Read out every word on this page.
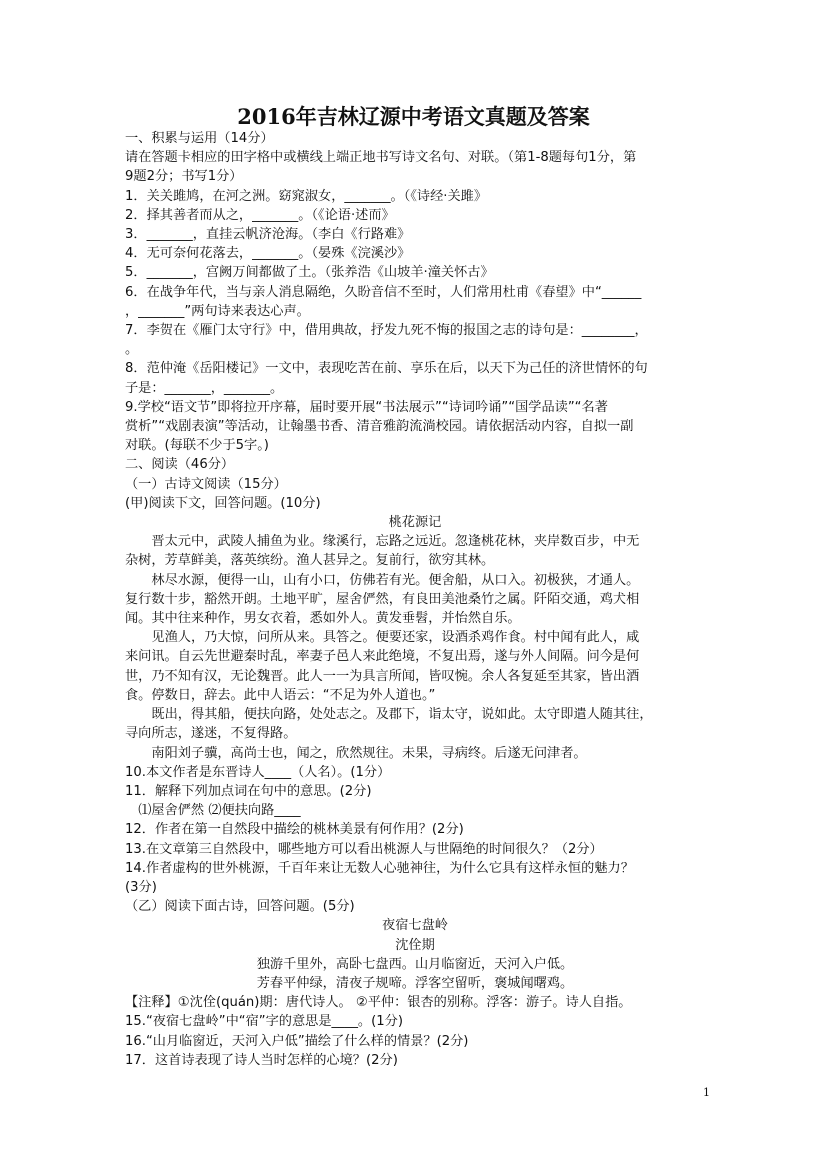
2016年吉林辽源中考语文真题及答案
一、积累与运用（14分）
请在答题卡相应的田字格中或横线上端正地书写诗文名句、对联。（第1-8题每句1分，第
9题2分；书写1分）
1．关关雎鸠，在河之洲。窈窕淑女，_______。（《诗经·关雎》
2．择其善者而从之，_______。（《论语·述而》
3．_______，直挂云帆济沧海。（李白《行路难》
4．无可奈何花落去，_______。（晏殊《浣溪沙》
5．_______，宫阙万间都做了土。（张养浩《山坡羊·潼关怀古》
6．在战争年代，当与亲人消息隔绝，久盼音信不至时，人们常用杜甫《春望》中“______
，_______”两句诗来表达心声。
7．李贺在《雁门太守行》中，借用典故，抒发九死不悔的报国之志的诗句是：________，
。
8．范仲淹《岳阳楼记》一文中，表现吃苦在前、享乐在后，以天下为己任的济世情怀的句
子是：_______，_______。
9.学校“语文节”即将拉开序幕，届时要开展“书法展示”“诗词吟诵”“国学品读”“名著
赏析”“戏剧表演”等活动，让翰墨书香、清音雅韵流淌校园。请依据活动内容，自拟一副
对联。(每联不少于5字。)
二、阅读（46分）
（一）古诗文阅读（15分）
(甲)阅读下文，回答问题。(10分)
桃花源记
晋太元中，武陵人捕鱼为业。缘溪行，忘路之远近。忽逢桃花林，夹岸数百步，中无
杂树，芳草鲜美，落英缤纷。渔人甚异之。复前行，欲穷其林。
林尽水源，便得一山，山有小口，仿佛若有光。便舍船，从口入。初极狭，才通人。
复行数十步，豁然开朗。土地平旷，屋舍俨然，有良田美池桑竹之属。阡陌交通，鸡犬相
闻。其中往来种作，男女衣着，悉如外人。黄发垂髫，并怡然自乐。
见渔人，乃大惊，问所从来。具答之。便要还家，设酒杀鸡作食。村中闻有此人，咸
来问讯。自云先世避秦时乱，率妻子邑人来此绝境，不复出焉，遂与外人间隔。问今是何
世，乃不知有汉，无论魏晋。此人一一为具言所闻，皆叹惋。余人各复延至其家，皆出酒
食。停数日，辞去。此中人语云：“不足为外人道也。”
既出，得其船，便扶向路，处处志之。及郡下，诣太守，说如此。太守即遣人随其往，
寻向所志，遂迷，不复得路。
南阳刘子骥，高尚士也，闻之，欣然规往。未果，寻病终。后遂无问津者。
10.本文作者是东晋诗人____（人名）。(1分）
11．解释下列加点词在句中的意思。(2分)
⑴屋舍俨然 ⑵便扶向路____
12．作者在第一自然段中描绘的桃林美景有何作用？(2分)
13.在文章第三自然段中，哪些地方可以看出桃源人与世隔绝的时间很久？（2分）
14.作者虚构的世外桃源，千百年来让无数人心驰神往，为什么它具有这样永恒的魅力？
(3分)
（乙）阅读下面古诗，回答问题。(5分)
夜宿七盘岭
沈佺期
独游千里外，高卧七盘西。山月临窗近，天河入户低。
芳春平仲绿，清夜子规啼。浮客空留听，褒城闻曙鸡。
【注释】①沈佺(quán)期：唐代诗人。 ②平仲：银杏的别称。浮客：游子。诗人自指。
15.“夜宿七盘岭”中“宿”字的意思是____。(1分)
16.“山月临窗近，天河入户低”描绘了什么样的情景？(2分)
17．这首诗表现了诗人当时怎样的心境？(2分)
1
